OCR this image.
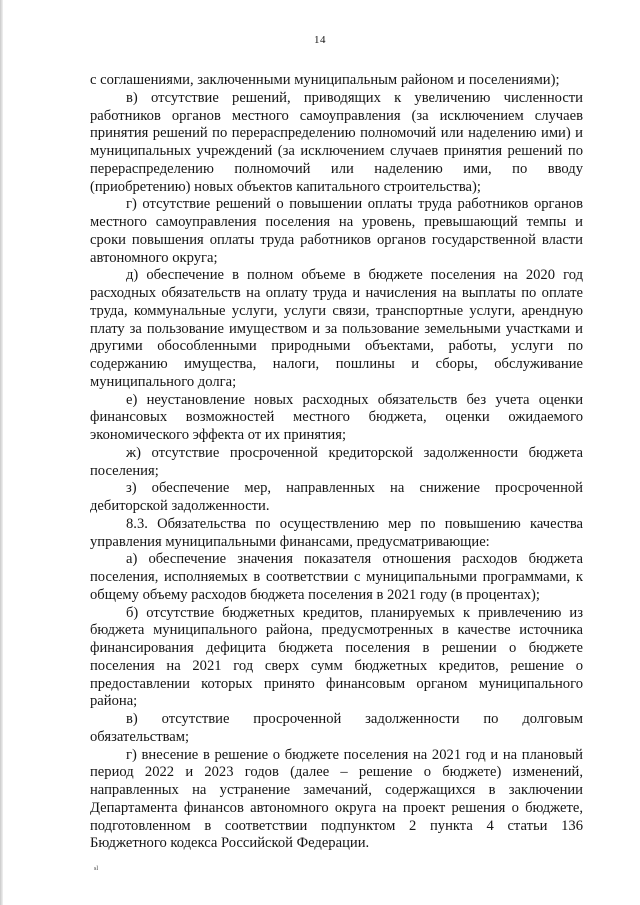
14

с соглашениями, заключенными муниципальным районом и поселениями);

в) отсутствие решений, приводящих к увеличению численности работников органов местного самоуправления (за исключением случаев принятия решений по перераспределению полномочий или наделению ими) и муниципальных учреждений (за исключением случаев принятия решений по перераспределению полномочий или наделению ими, по вводу (приобретению) новых объектов капитального строительства);

г) отсутствие решений о повышении оплаты труда работников органов местного самоуправления поселения на уровень, превышающий темпы и сроки повышения оплаты труда работников органов государственной власти автономного округа;

д) обеспечение в полном объеме в бюджете поселения на 2020 год расходных обязательств на оплату труда и начисления на выплаты по оплате труда, коммунальные услуги, услуги связи, транспортные услуги, арендную плату за пользование имуществом и за пользование земельными участками и другими обособленными природными объектами, работы, услуги по содержанию имущества, налоги, пошлины и сборы, обслуживание муниципального долга;

е) неустановление новых расходных обязательств без учета оценки финансовых возможностей местного бюджета, оценки ожидаемого экономического эффекта от их принятия;

ж) отсутствие просроченной кредиторской задолженности бюджета поселения;

з) обеспечение мер, направленных на снижение просроченной дебиторской задолженности.

8.3. Обязательства по осуществлению мер по повышению качества управления муниципальными финансами, предусматривающие:

а) обеспечение значения показателя отношения расходов бюджета поселения, исполняемых в соответствии с муниципальными программами, к общему объему расходов бюджета поселения в 2021 году (в процентах);

б) отсутствие бюджетных кредитов, планируемых к привлечению из бюджета муниципального района, предусмотренных в качестве источника финансирования дефицита бюджета поселения в решении о бюджете поселения на 2021 год сверх сумм бюджетных кредитов, решение о предоставлении которых принято финансовым органом муниципального района;

в) отсутствие просроченной задолженности по долговым обязательствам;

г) внесение в решение о бюджете поселения на 2021 год и на плановый период 2022 и 2023 годов (далее – решение о бюджете) изменений, направленных на устранение замечаний, содержащихся в заключении Департамента финансов автономного округа на проект решения о бюджете, подготовленном в соответствии подпунктом 2 пункта 4 статьи 136 Бюджетного кодекса Российской Федерации.

sl
